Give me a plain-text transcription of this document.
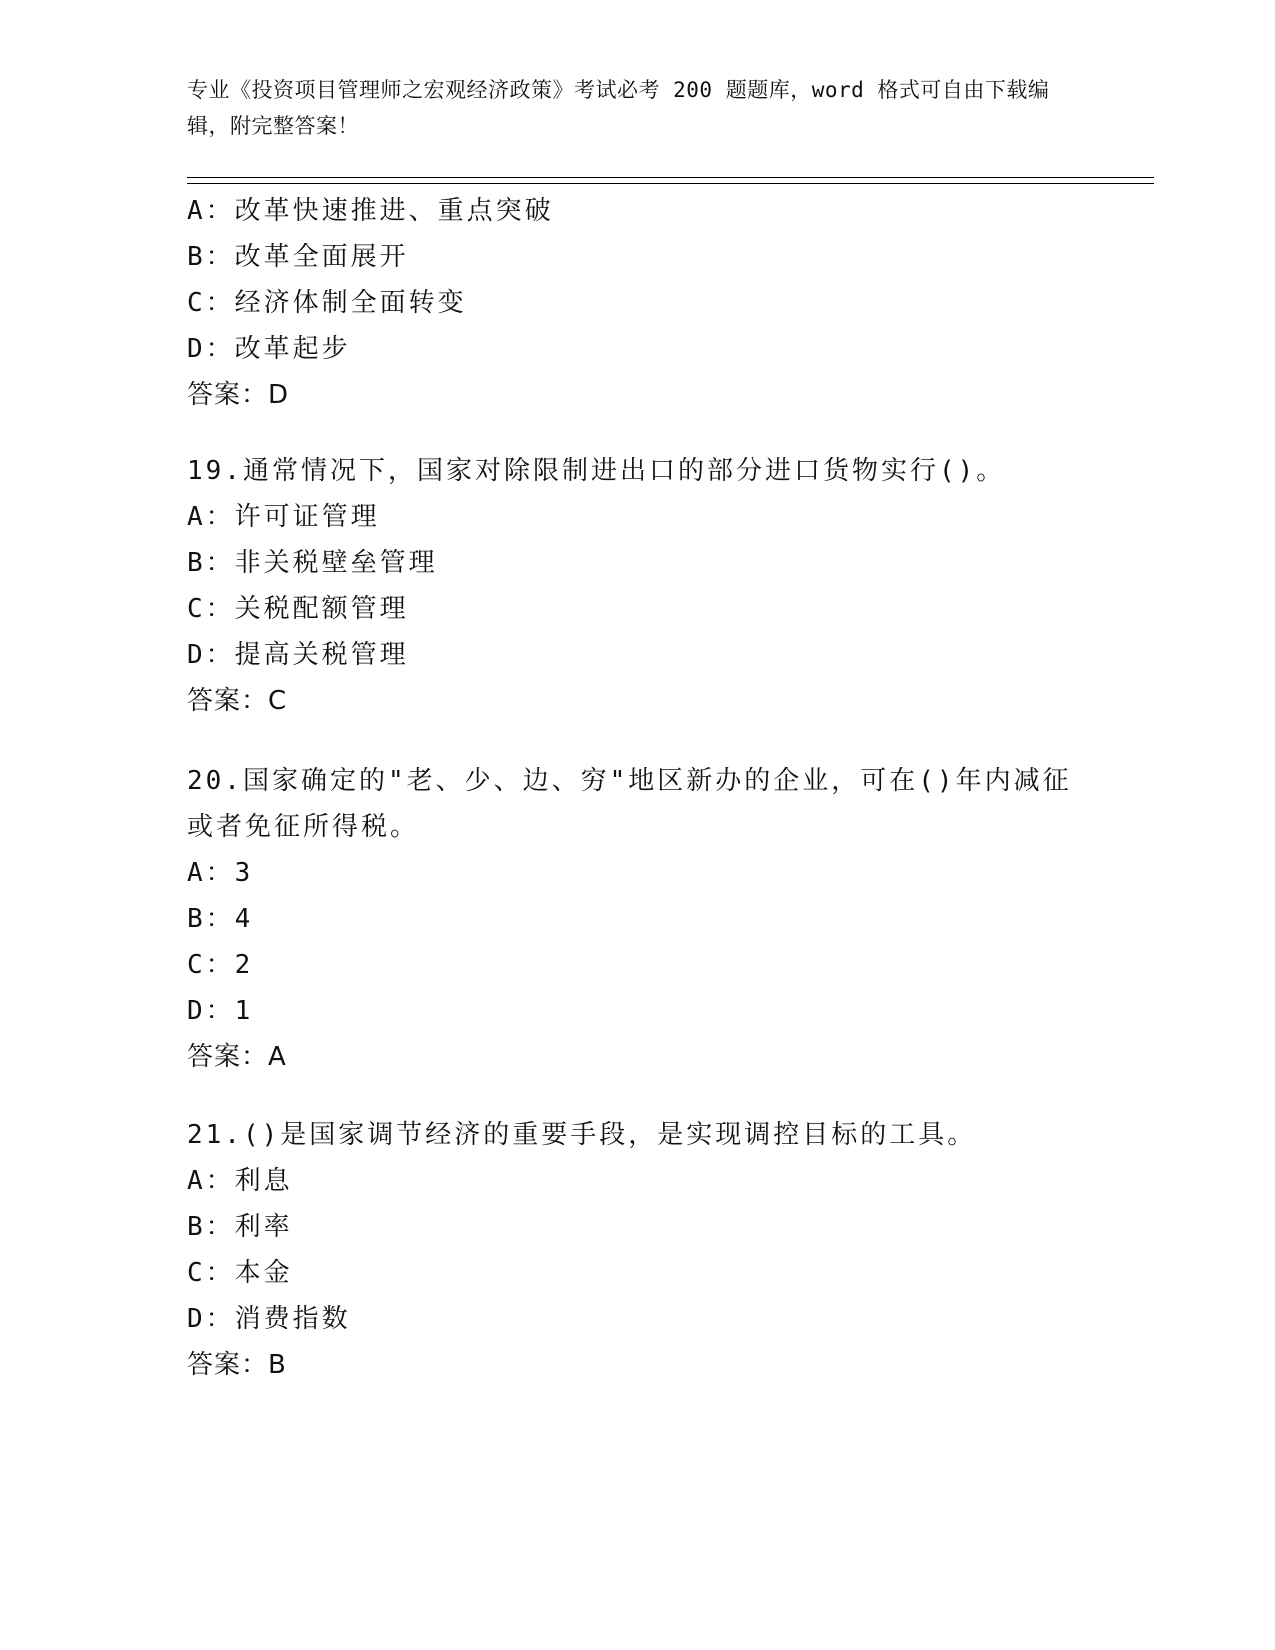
专业《投资项目管理师之宏观经济政策》考试必考 200 题题库，word 格式可自由下载编辑，附完整答案！
A：改革快速推进、重点突破
B：改革全面展开
C：经济体制全面转变
D：改革起步
答案：D
19.通常情况下，国家对除限制进出口的部分进口货物实行()。
A：许可证管理
B：非关税壁垒管理
C：关税配额管理
D：提高关税管理
答案：C
20.国家确定的"老、少、边、穷"地区新办的企业，可在()年内减征或者免征所得税。
A：3
B：4
C：2
D：1
答案：A
21.()是国家调节经济的重要手段，是实现调控目标的工具。
A：利息
B：利率
C：本金
D：消费指数
答案：B
